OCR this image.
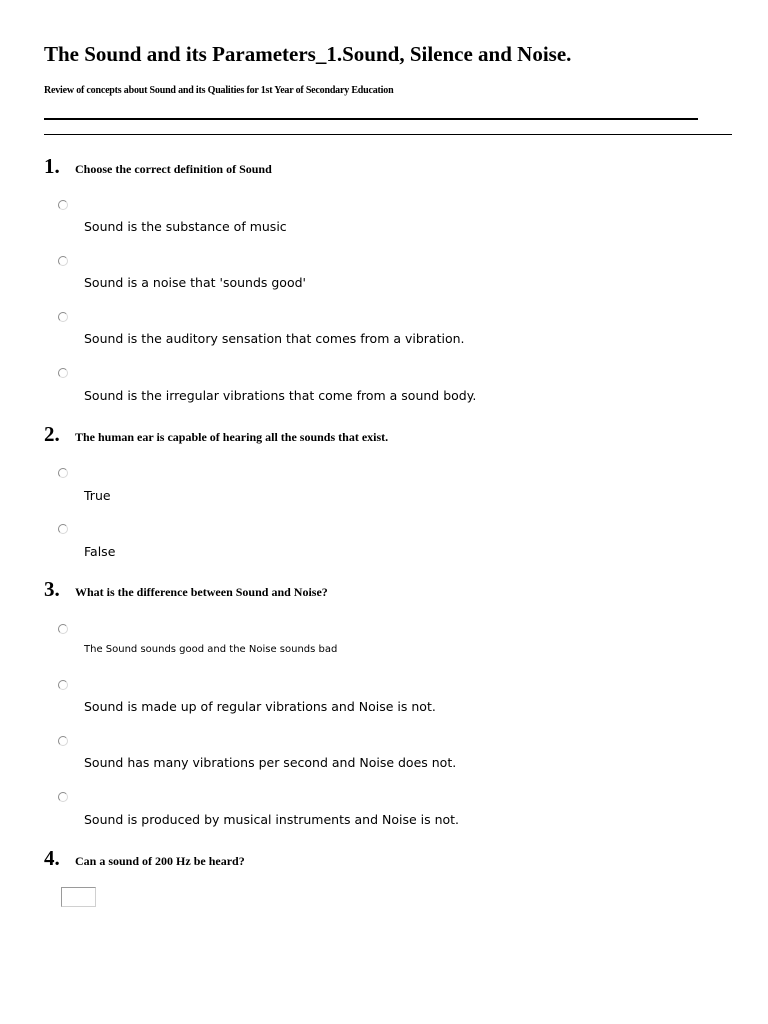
The Sound and its Parameters_1.Sound, Silence and Noise.

Review of concepts about Sound and its Qualities for 1st Year of Secondary Education

1.	Choose the correct definition of Sound
Sound is the substance of music
Sound is a noise that 'sounds good'
Sound is the auditory sensation that comes from a vibration.
Sound is the irregular vibrations that come from a sound body.
2.	The human ear is capable of hearing all the sounds that exist.
True
False
3.	What is the difference between Sound and Noise?
The Sound sounds good and the Noise sounds bad
Sound is made up of regular vibrations and Noise is not.
Sound has many vibrations per second and Noise does not.
Sound is produced by musical instruments and Noise is not.
4.	Can a sound of 200 Hz be heard?
